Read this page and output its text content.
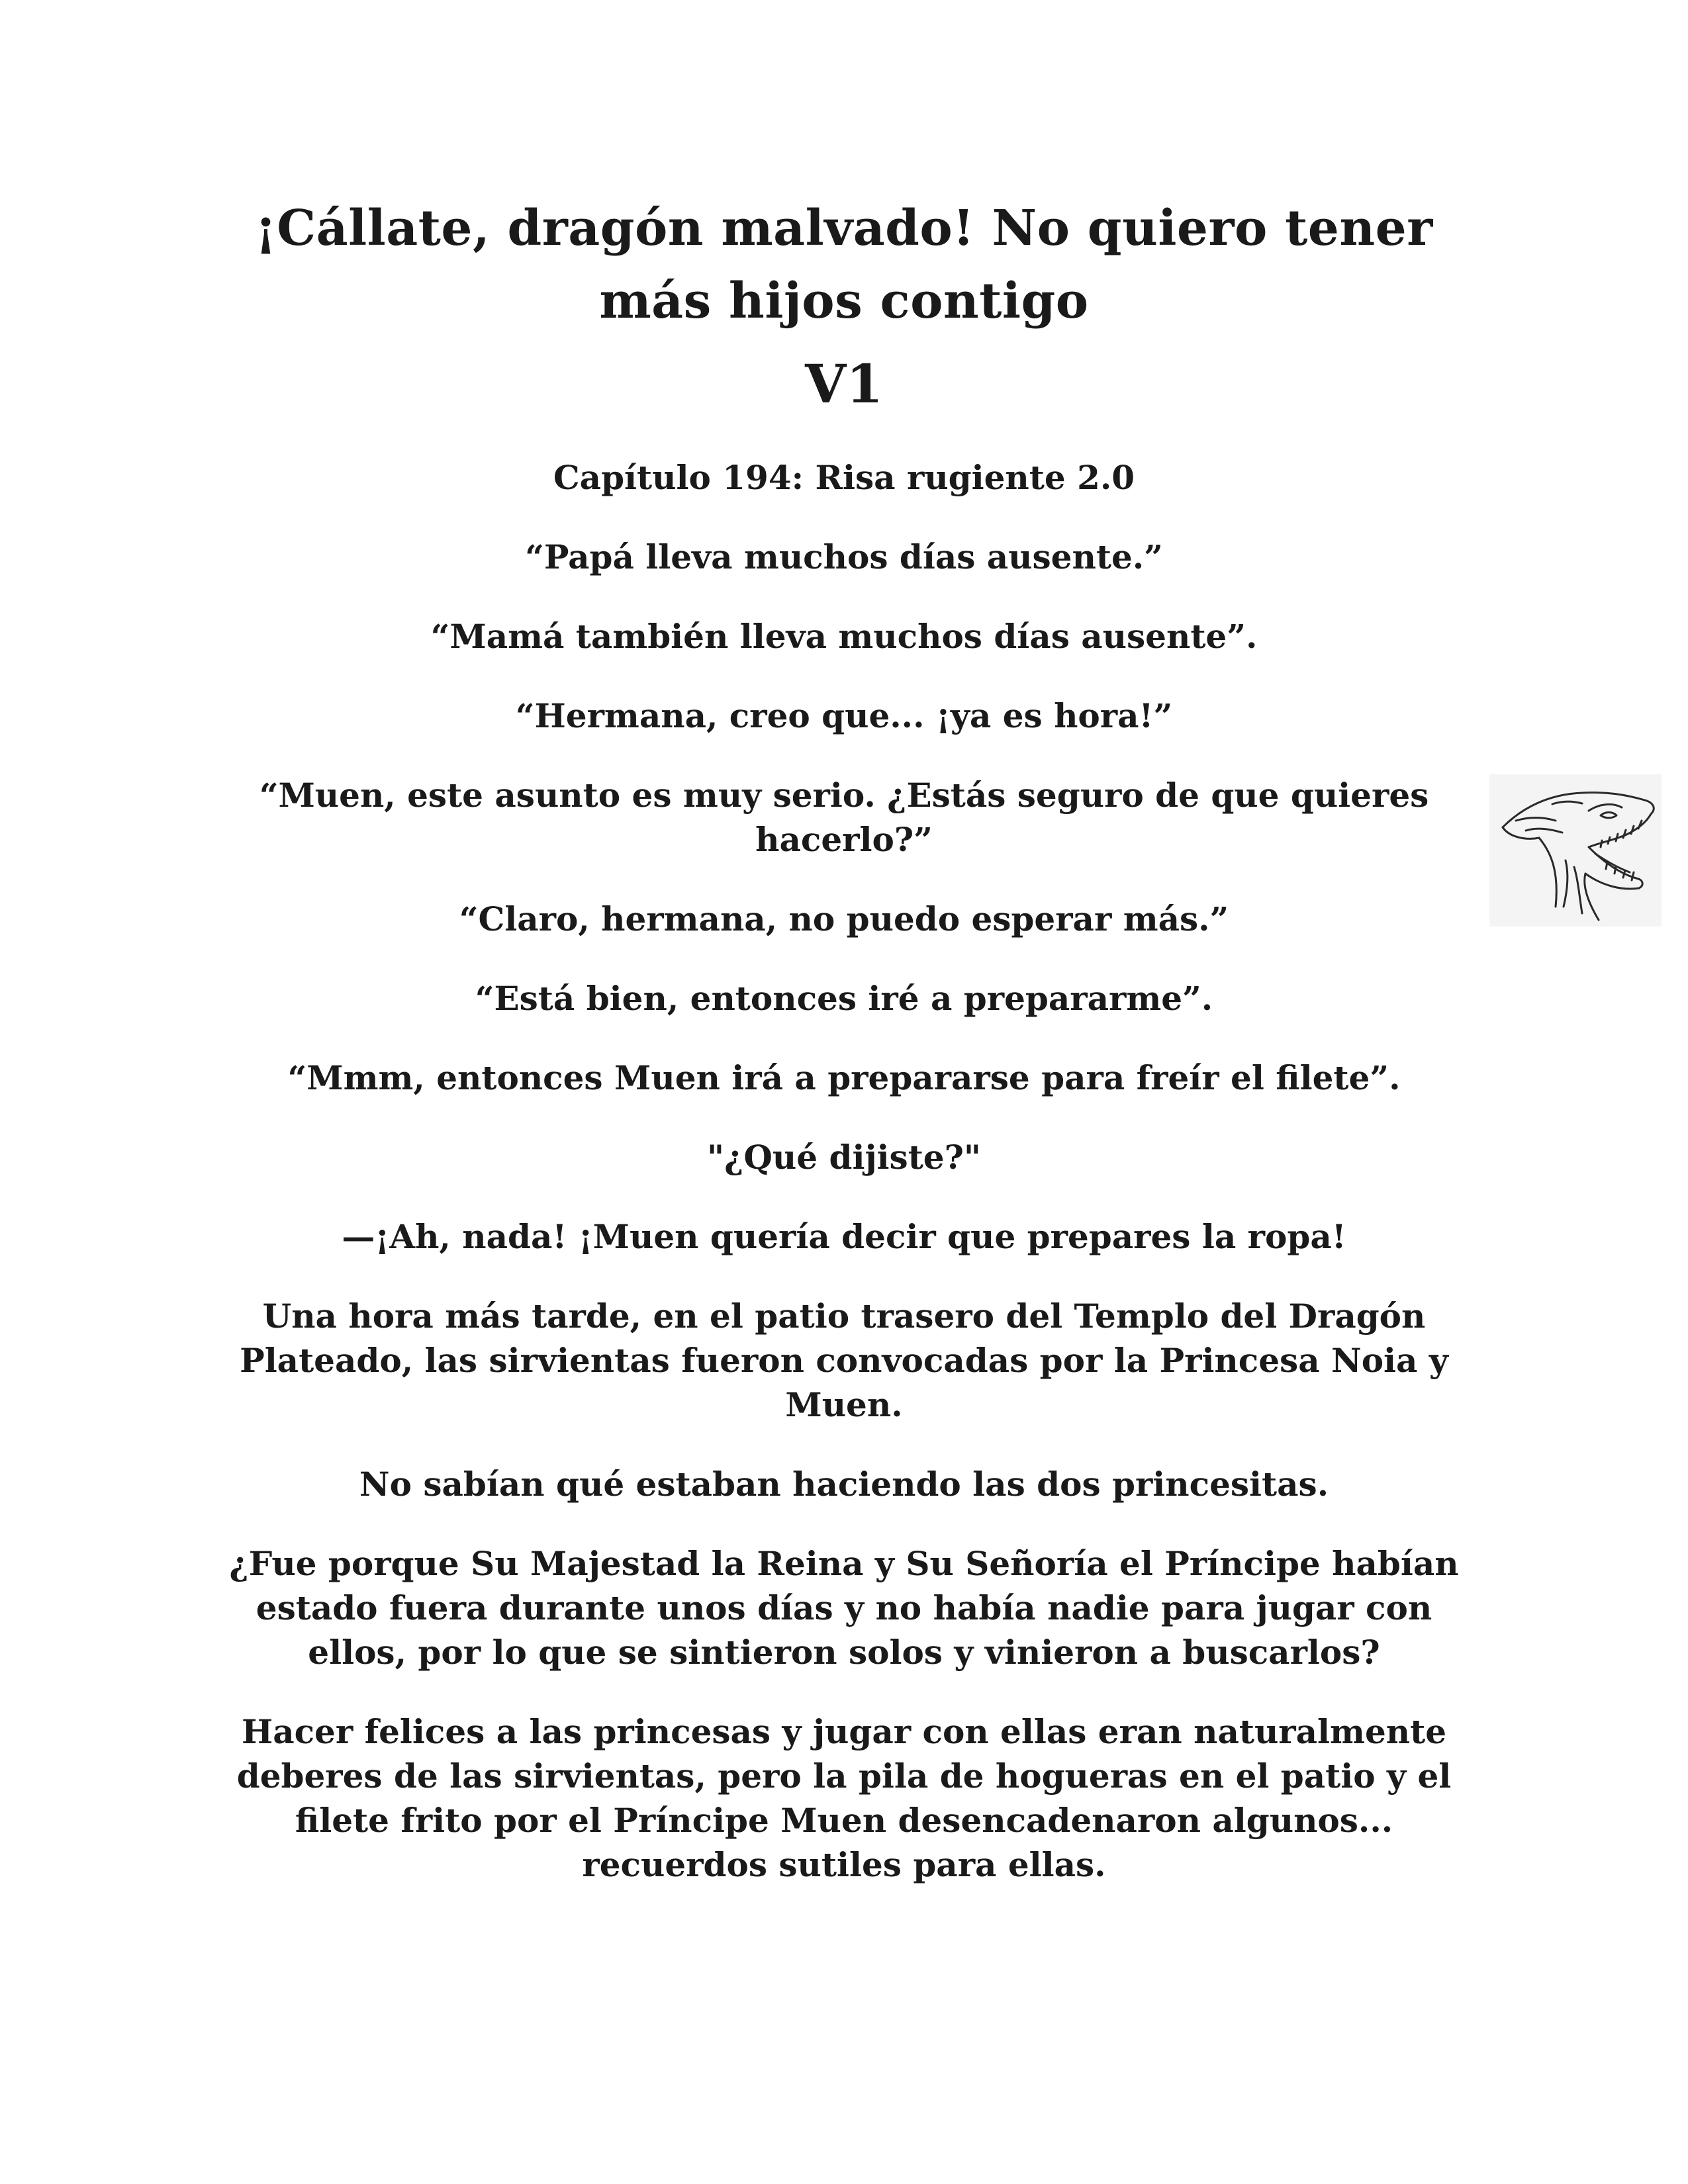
¡Cállate, dragón malvado! No quiero tener más hijos contigo
V1

Capítulo 194: Risa rugiente 2.0

“Papá lleva muchos días ausente.”

“Mamá también lleva muchos días ausente”.

“Hermana, creo que... ¡ya es hora!”

“Muen, este asunto es muy serio. ¿Estás seguro de que quieres hacerlo?”

“Claro, hermana, no puedo esperar más.”

“Está bien, entonces iré a prepararme”.

“Mmm, entonces Muen irá a prepararse para freír el filete”.

"¿Qué dijiste?"

—¡Ah, nada! ¡Muen quería decir que prepares la ropa!

Una hora más tarde, en el patio trasero del Templo del Dragón Plateado, las sirvientas fueron convocadas por la Princesa Noia y Muen.

No sabían qué estaban haciendo las dos princesitas.

¿Fue porque Su Majestad la Reina y Su Señoría el Príncipe habían estado fuera durante unos días y no había nadie para jugar con ellos, por lo que se sintieron solos y vinieron a buscarlos?

Hacer felices a las princesas y jugar con ellas eran naturalmente deberes de las sirvientas, pero la pila de hogueras en el patio y el filete frito por el Príncipe Muen desencadenaron algunos... recuerdos sutiles para ellas.
